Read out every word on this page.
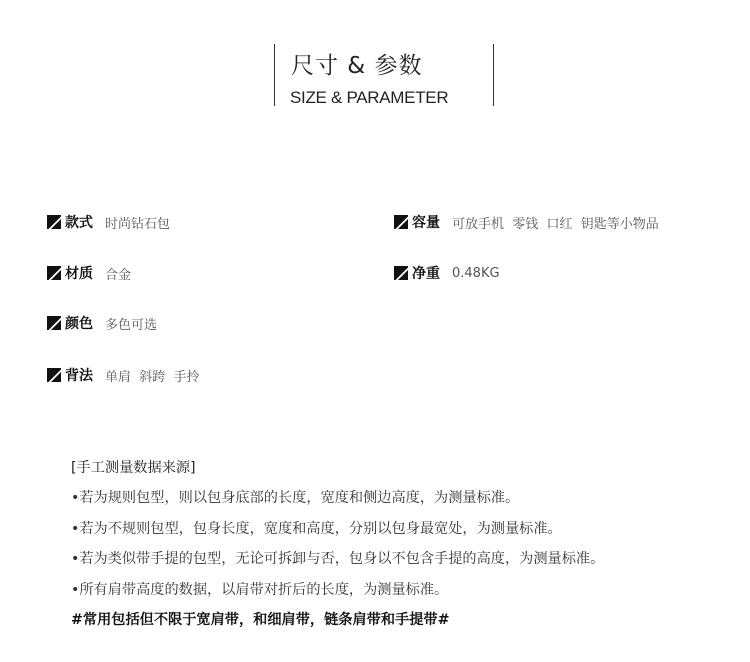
尺寸 & 参数
SIZE & PARAMETER
款式 时尚钻石包	容量 可放手机  零钱  口红  钥匙等小物品
材质 合金	净重 0.48KG
颜色 多色可选
背法 单肩  斜跨  手拎
[手工测量数据来源]
•若为规则包型，则以包身底部的长度，宽度和侧边高度，为测量标准。
•若为不规则包型，包身长度，宽度和高度，分别以包身最宽处，为测量标准。
•若为类似带手提的包型，无论可拆卸与否，包身以不包含手提的高度，为测量标准。
•所有肩带高度的数据，以肩带对折后的长度，为测量标准。
#常用包括但不限于宽肩带，和细肩带，链条肩带和手提带#
